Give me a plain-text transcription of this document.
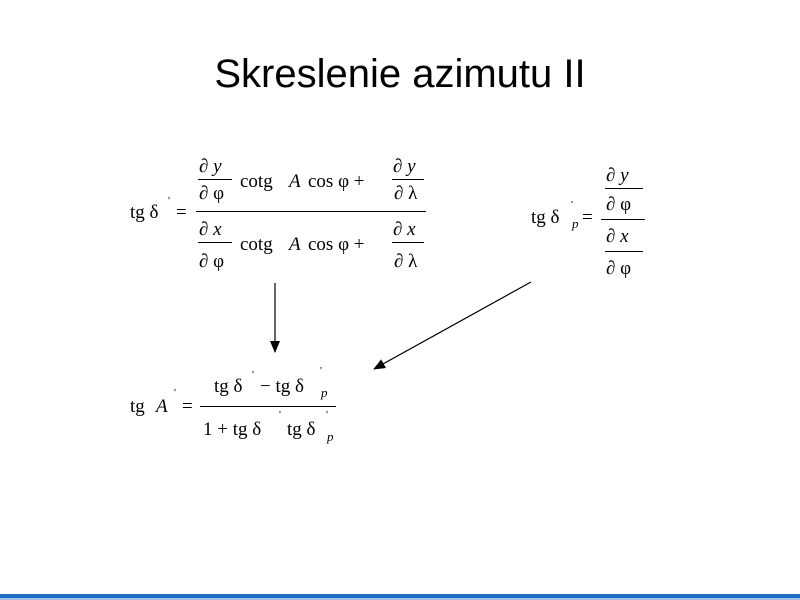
Skreslenie azimutu II
tg δ
'
=
∂ y
∂ φ
cotg A cos φ +
∂ y
∂ λ
∂ x
∂ φ
cotg A cos φ +
∂ x
∂ λ
tg δ
'
p =
∂ y
∂ φ
∂ x
∂ φ
tg A
'
=
tg δ
'
− tg δ
'
p
1 + tg δ
'
tg δ
'
p
